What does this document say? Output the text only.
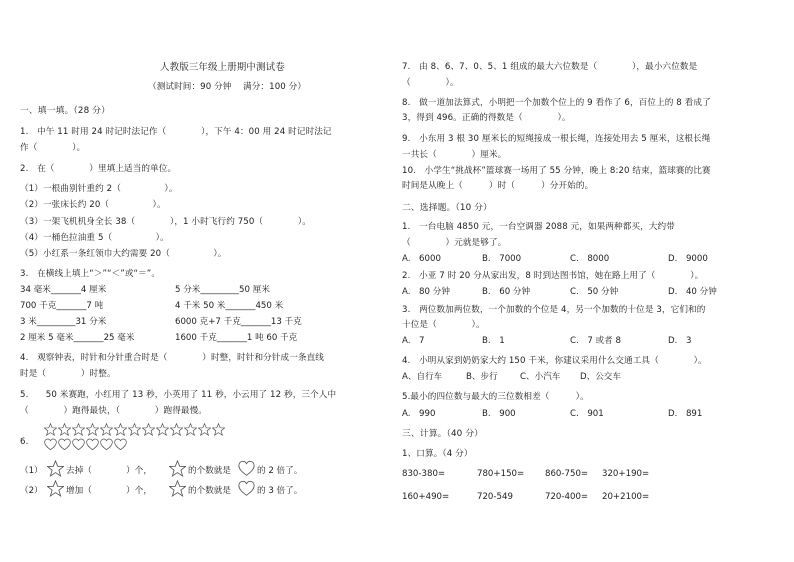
人教版三年级上册期中测试卷
（测试时间：90 分钟　 满分：100 分）
一、填一填。（28 分）
1.　中午 11 时用 24 时记时法记作（　　　　），下午 4：00 用 24 时记时法记
作（　　　　）。
2.　在（　　　　）里填上适当的单位。
（1）一根曲别针重约 2（　　　　　）。
（2）一张床长约 20（　　　　　）。
（3）一架飞机机身全长 38（　　　　），1 小时飞行约 750（　　　　）。
（4）一桶色拉油重 5（　　　　　）。
（5）小红系一条红领巾大约需要 20（　　　　　）。
3.　在横线上填上“＞”“＜”或“＝”。
34 毫米_______4 厘米	5 分米_________50 厘米
700 千克_______7 吨	4 千米 50 米_______450 米
3 米_________31 分米	6000 克+7 千克_______13 千克
2 厘米 5 毫米_______25 毫米	1600 千克_______1 吨 60 千克
4.　观察钟表，时针和分针重合时是（　　　　）时整，时针和分针成一条直线
时是（　　　　）时整。
5.　　50 米赛跑，小红用了 13 秒，小英用了 11 秒，小云用了 12 秒，三个人中
（　　　　）跑得最快，（　　　　）跑得最慢。
6.
（1）	去掉（　　　　）个，	的个数就是	的 2 倍了。
（2）	增加（　　　　）个，	的个数就是	的 3 倍了。
7.　由 8、6、7、0、5、1 组成的最大六位数是（　　　　），最小六位数是
（　　　　）。
8.　做一道加法算式，小明把一个加数个位上的 9 看作了 6，百位上的 8 看成了
3，得到 496。正确的得数是（　　　　）。
9.　小东用 3 根 30 厘米长的短绳接成一根长绳，连接处用去 5 厘米，这根长绳
一共长（　　　　）厘米。
10.　小学生“挑战杯”篮球赛一场用了 55 分钟，晚上 8:20 结束，篮球赛的比赛
时间是从晚上（　　　）时（　　　）分开始的。
二、选择题。（10 分）
1.　一台电脑 4850 元，一台空调器 2088 元，如果两种都买，大约带
（　　　　）元就是够了。
A.　6000	B.　7000	C.　8000	D.　9000
2.　小亚 7 时 20 分从家出发，8 时到达图书馆，她在路上用了（　　　　）。
A.　80 分钟	B.　60 分钟	C.　50 分钟	D.　40 分钟
3.　两位数加两位数，一个加数的个位是 4，另一个加数的十位是 3，它们和的
十位是（　　　　）。
A.　7	B.　1	C.　7 或者 8	D.　3
4.　小明从家到奶奶家大约 150 千米，你建议采用什么交通工具（　　　　）。
A、自行车	B、步行	C、小汽车 D、公交车
5.最小的四位数与最大的三位数相差（　　　）。
A.　990	B.　900	C.　901	D.　891
三、计算。（40 分）
1、口算。（4 分）
830-380=	780+150= 860-750= 320+190=
160+490=	720-549	720-400= 20+2100=
